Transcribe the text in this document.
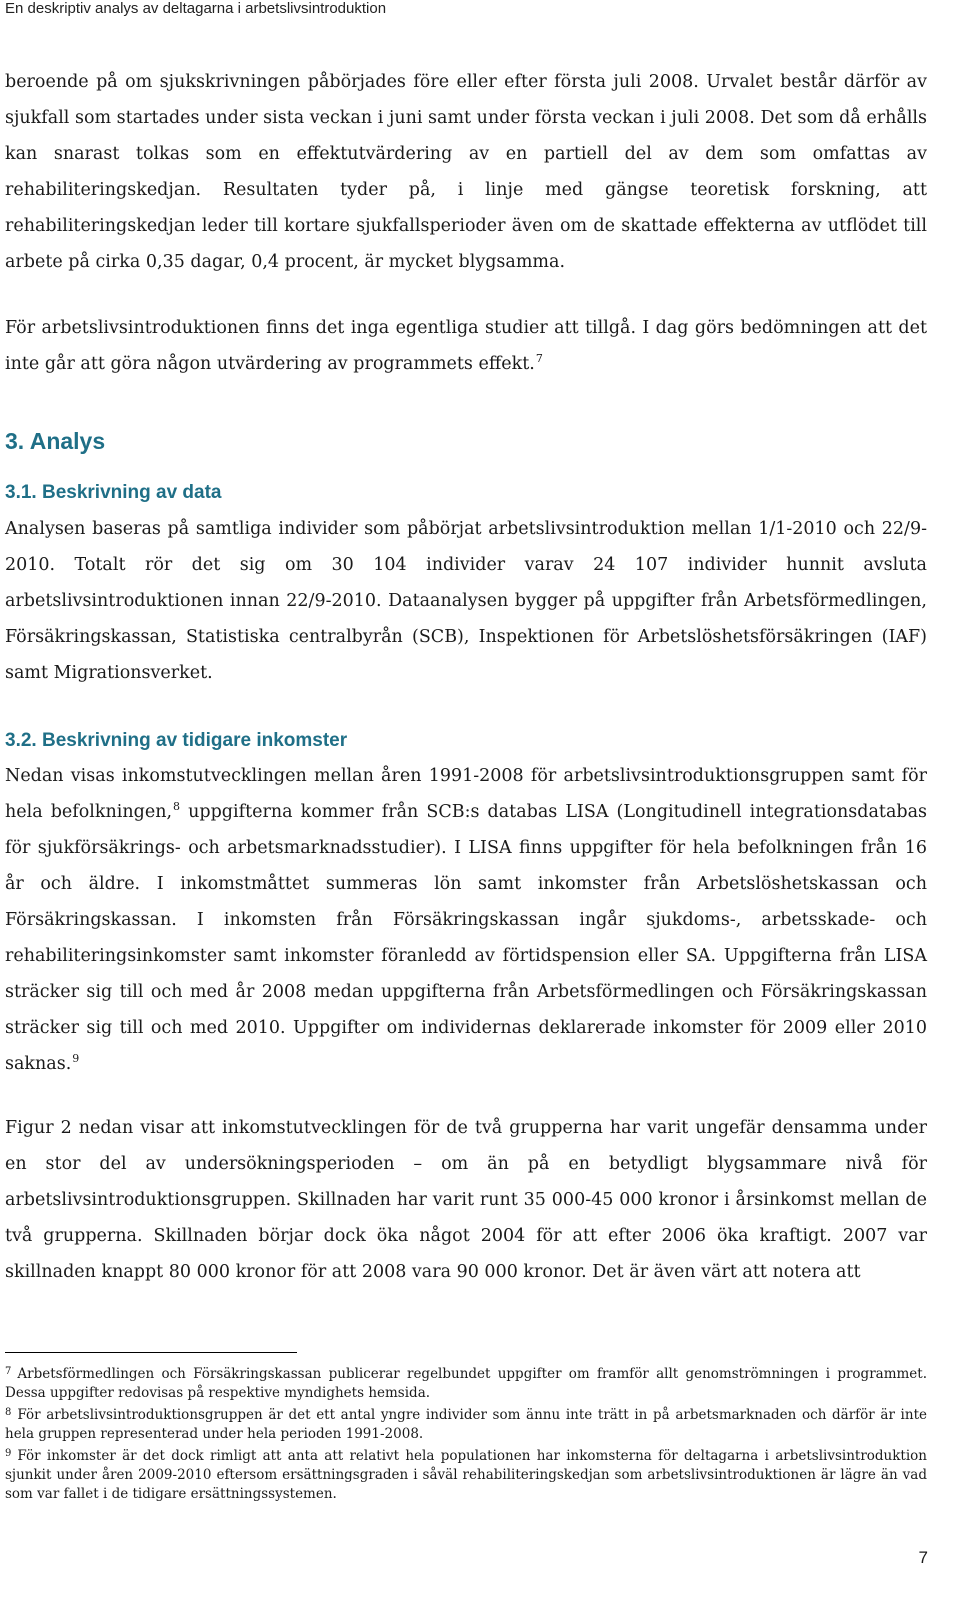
En deskriptiv analys av deltagarna i arbetslivsintroduktion

beroende på om sjukskrivningen påbörjades före eller efter första juli 2008. Urvalet består därför av sjukfall som startades under sista veckan i juni samt under första veckan i juli 2008. Det som då erhålls kan snarast tolkas som en effektutvärdering av en partiell del av dem som omfattas av rehabiliteringskedjan. Resultaten tyder på, i linje med gängse teoretisk forskning, att rehabiliteringskedjan leder till kortare sjukfallsperioder även om de skattade effekterna av utflödet till arbete på cirka 0,35 dagar, 0,4 procent, är mycket blygsamma.

För arbetslivsintroduktionen finns det inga egentliga studier att tillgå. I dag görs bedömningen att det inte går att göra någon utvärdering av programmets effekt.$^7$

3. Analys
3.1. Beskrivning av data

Analysen baseras på samtliga individer som påbörjat arbetslivsintroduktion mellan 1/1-2010 och 22/9-2010. Totalt rör det sig om 30 104 individer varav 24 107 individer hunnit avsluta arbetslivsintroduktionen innan 22/9-2010. Dataanalysen bygger på uppgifter från Arbetsförmedlingen, Försäkringskassan, Statistiska centralbyrån (SCB), Inspektionen för Arbetslöshetsförsäkringen (IAF) samt Migrationsverket.

3.2. Beskrivning av tidigare inkomster

Nedan visas inkomstutvecklingen mellan åren 1991-2008 för arbetslivsintroduktionsgruppen samt för hela befolkningen,$^8$ uppgifterna kommer från SCB:s databas LISA (Longitudinell integrationsdatabas för sjukförsäkrings- och arbetsmarknadsstudier). I LISA finns uppgifter för hela befolkningen från 16 år och äldre. I inkomstmåttet summeras lön samt inkomster från Arbetslöshetskassan och Försäkringskassan. I inkomsten från Försäkringskassan ingår sjukdoms-, arbetsskade- och rehabiliteringsinkomster samt inkomster föranledd av förtidspension eller SA. Uppgifterna från LISA sträcker sig till och med år 2008 medan uppgifterna från Arbetsförmedlingen och Försäkringskassan sträcker sig till och med 2010. Uppgifter om individernas deklarerade inkomster för 2009 eller 2010 saknas.$^9$

Figur 2 nedan visar att inkomstutvecklingen för de två grupperna har varit ungefär densamma under en stor del av undersökningsperioden – om än på en betydligt blygsammare nivå för arbetslivsintroduktionsgruppen. Skillnaden har varit runt 35 000-45 000 kronor i årsinkomst mellan de två grupperna. Skillnaden börjar dock öka något 2004 för att efter 2006 öka kraftigt. 2007 var skillnaden knappt 80 000 kronor för att 2008 vara 90 000 kronor. Det är även värt att notera att

$^7$ Arbetsförmedlingen och Försäkringskassan publicerar regelbundet uppgifter om framför allt genomströmningen i programmet. Dessa uppgifter redovisas på respektive myndighets hemsida.

$^8$ För arbetslivsintroduktionsgruppen är det ett antal yngre individer som ännu inte trätt in på arbetsmarknaden och därför är inte hela gruppen representerad under hela perioden 1991-2008.

$^9$ För inkomster är det dock rimligt att anta att relativt hela populationen har inkomsterna för deltagarna i arbetslivsintroduktion sjunkit under åren 2009-2010 eftersom ersättningsgraden i såväl rehabiliteringskedjan som arbetslivsintroduktionen är lägre än vad som var fallet i de tidigare ersättningssystemen.

7
